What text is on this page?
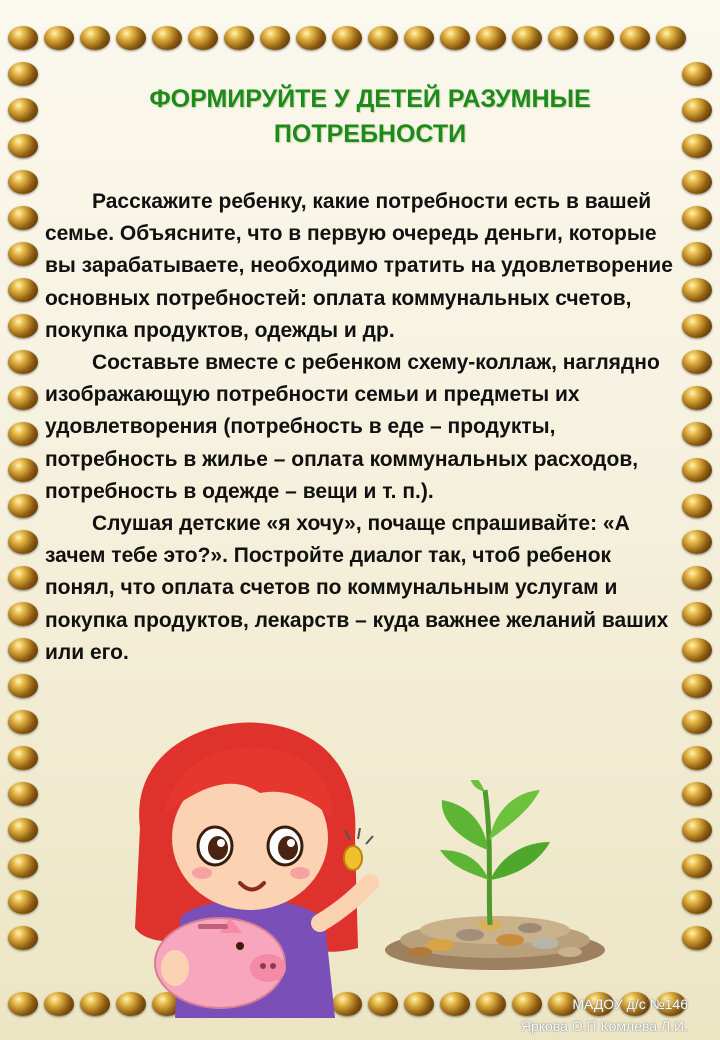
ФОРМИРУЙТЕ У ДЕТЕЙ РАЗУМНЫЕ
ПОТРЕБНОСТИ

Расскажите ребенку, какие потребности есть в вашей семье. Объясните, что в первую очередь деньги, которые вы зарабатываете, необходимо тратить на удовлетворение основных потребностей: оплата коммунальных счетов, покупка продуктов, одежды и др.

Составьте вместе с ребенком схему-коллаж, наглядно изображающую потребности семьи и предметы их удовлетворения (потребность в еде – продукты, потребность в жилье – оплата коммунальных расходов, потребность в одежде – вещи и т. п.).

Слушая детские «я хочу», почаще спрашивайте: «А зачем тебе это?». Постройте диалог так, чтоб ребенок понял, что оплата счетов по коммунальным услугам и покупка продуктов, лекарств – куда важнее желаний ваших или его.

МАДОУ д/с №146
Яркова О.П Комлева Л.И.
